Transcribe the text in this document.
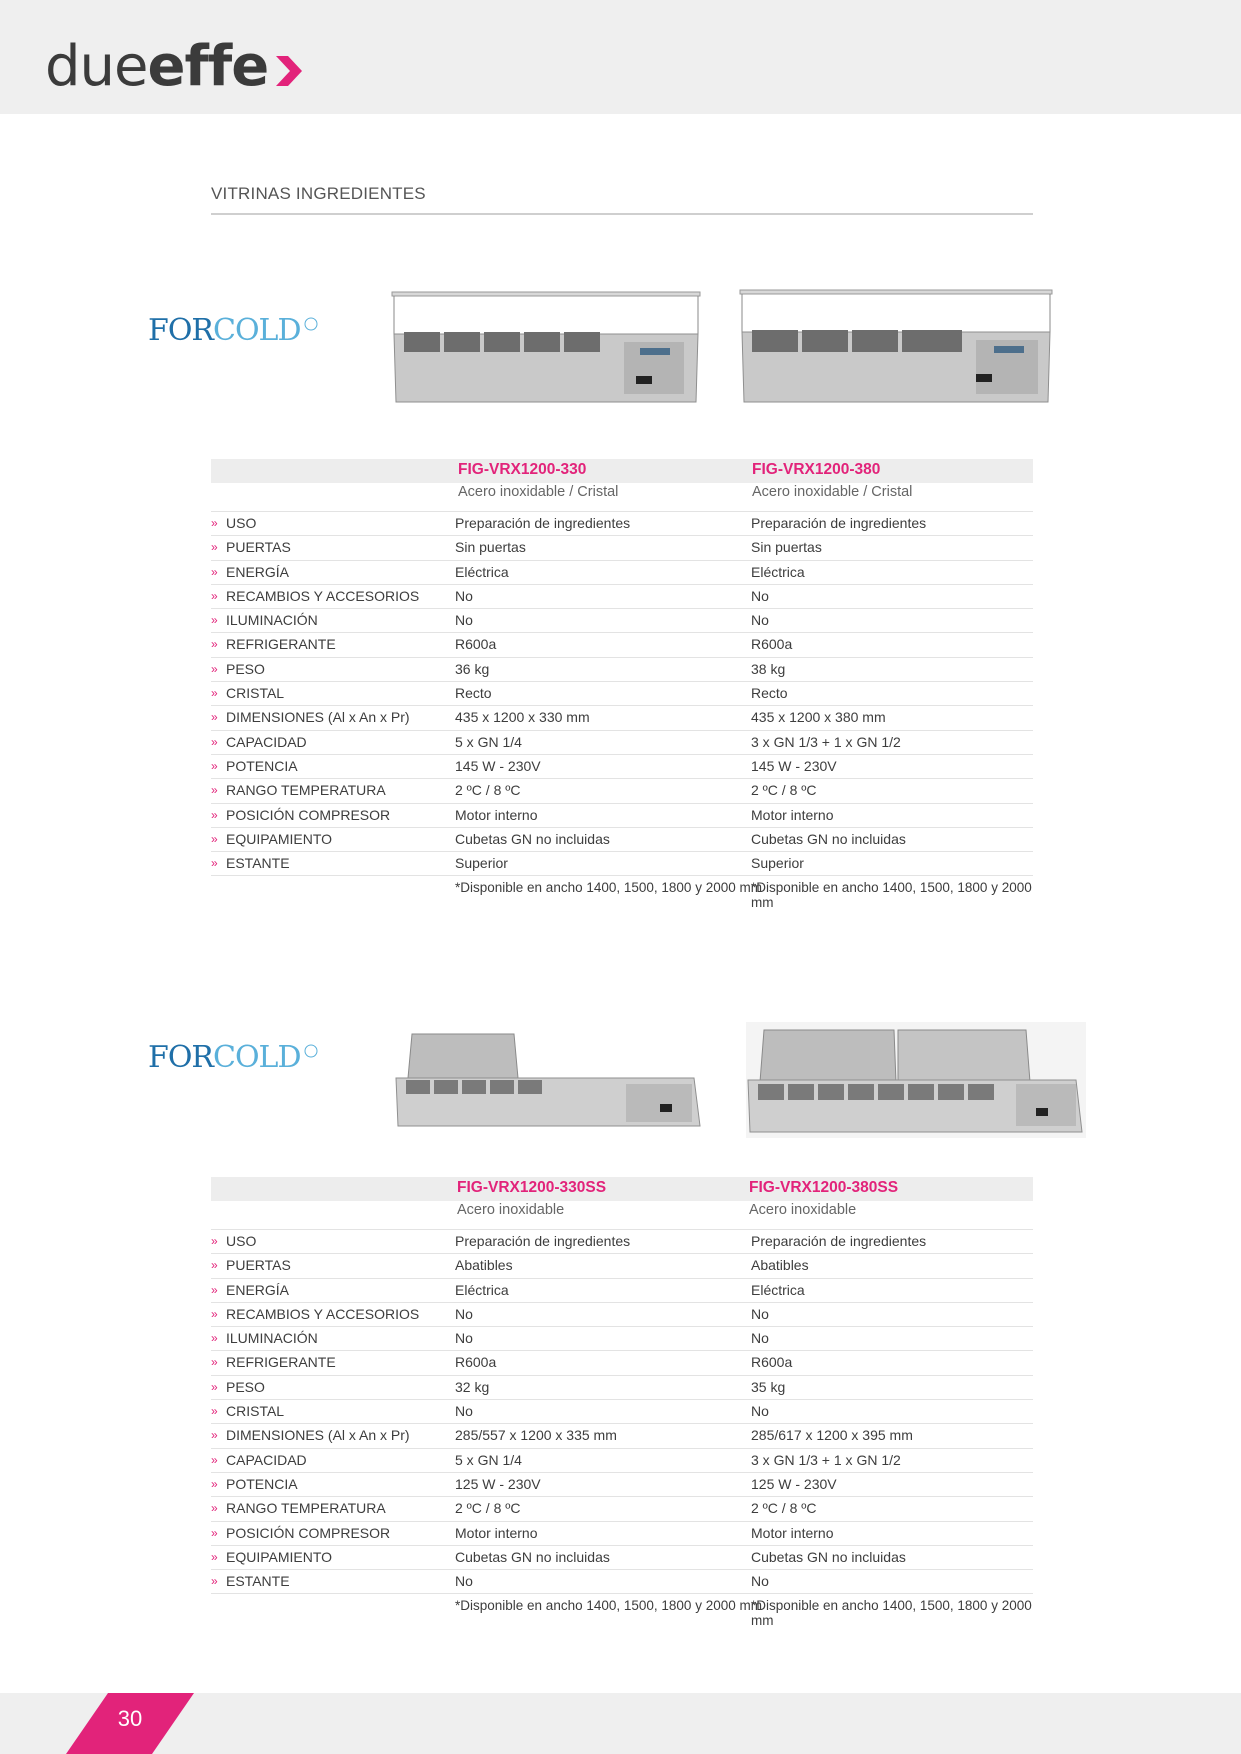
dueeffe
VITRINAS INGREDIENTES
FORCOLD
FORCOLD
FIG-VRX1200-330	FIG-VRX1200-380
Acero inoxidable / Cristal	Acero inoxidable / Cristal
» USO	Preparación de ingredientes	Preparación de ingredientes
» PUERTAS	Sin puertas	Sin puertas
» ENERGÍA	Eléctrica	Eléctrica
» RECAMBIOS Y ACCESORIOS	No	No
» ILUMINACIÓN	No	No
» REFRIGERANTE	R600a	R600a
» PESO	36 kg	38 kg
» CRISTAL	Recto	Recto
» DIMENSIONES (Al x An x Pr)	435 x 1200 x 330 mm	435 x 1200 x 380 mm
» CAPACIDAD	5 x GN 1/4	3 x GN 1/3 + 1 x GN 1/2
» POTENCIA	145 W - 230V	145 W - 230V
» RANGO TEMPERATURA	2 ºC / 8 ºC	2 ºC / 8 ºC
» POSICIÓN COMPRESOR	Motor interno	Motor interno
» EQUIPAMIENTO	Cubetas GN no incluidas	Cubetas GN no incluidas
» ESTANTE	Superior	Superior
*Disponible en ancho 1400, 1500, 1800 y 2000 mm
*Disponible en ancho 1400, 1500, 1800 y 2000 mm
FIG-VRX1200-330SS	FIG-VRX1200-380SS
Acero inoxidable	Acero inoxidable
» USO	Preparación de ingredientes	Preparación de ingredientes
» PUERTAS	Abatibles	Abatibles
» ENERGÍA	Eléctrica	Eléctrica
» RECAMBIOS Y ACCESORIOS	No	No
» ILUMINACIÓN	No	No
» REFRIGERANTE	R600a	R600a
» PESO	32 kg	35 kg
» CRISTAL	No	No
» DIMENSIONES (Al x An x Pr)	285/557 x 1200 x 335 mm	285/617 x 1200 x 395 mm
» CAPACIDAD	5 x GN 1/4	3 x GN 1/3 + 1 x GN 1/2
» POTENCIA	125 W - 230V	125 W - 230V
» RANGO TEMPERATURA	2 ºC / 8 ºC	2 ºC / 8 ºC
» POSICIÓN COMPRESOR	Motor interno	Motor interno
» EQUIPAMIENTO	Cubetas GN no incluidas	Cubetas GN no incluidas
» ESTANTE	No	No
*Disponible en ancho 1400, 1500, 1800 y 2000 mm
*Disponible en ancho 1400, 1500, 1800 y 2000 mm
30
